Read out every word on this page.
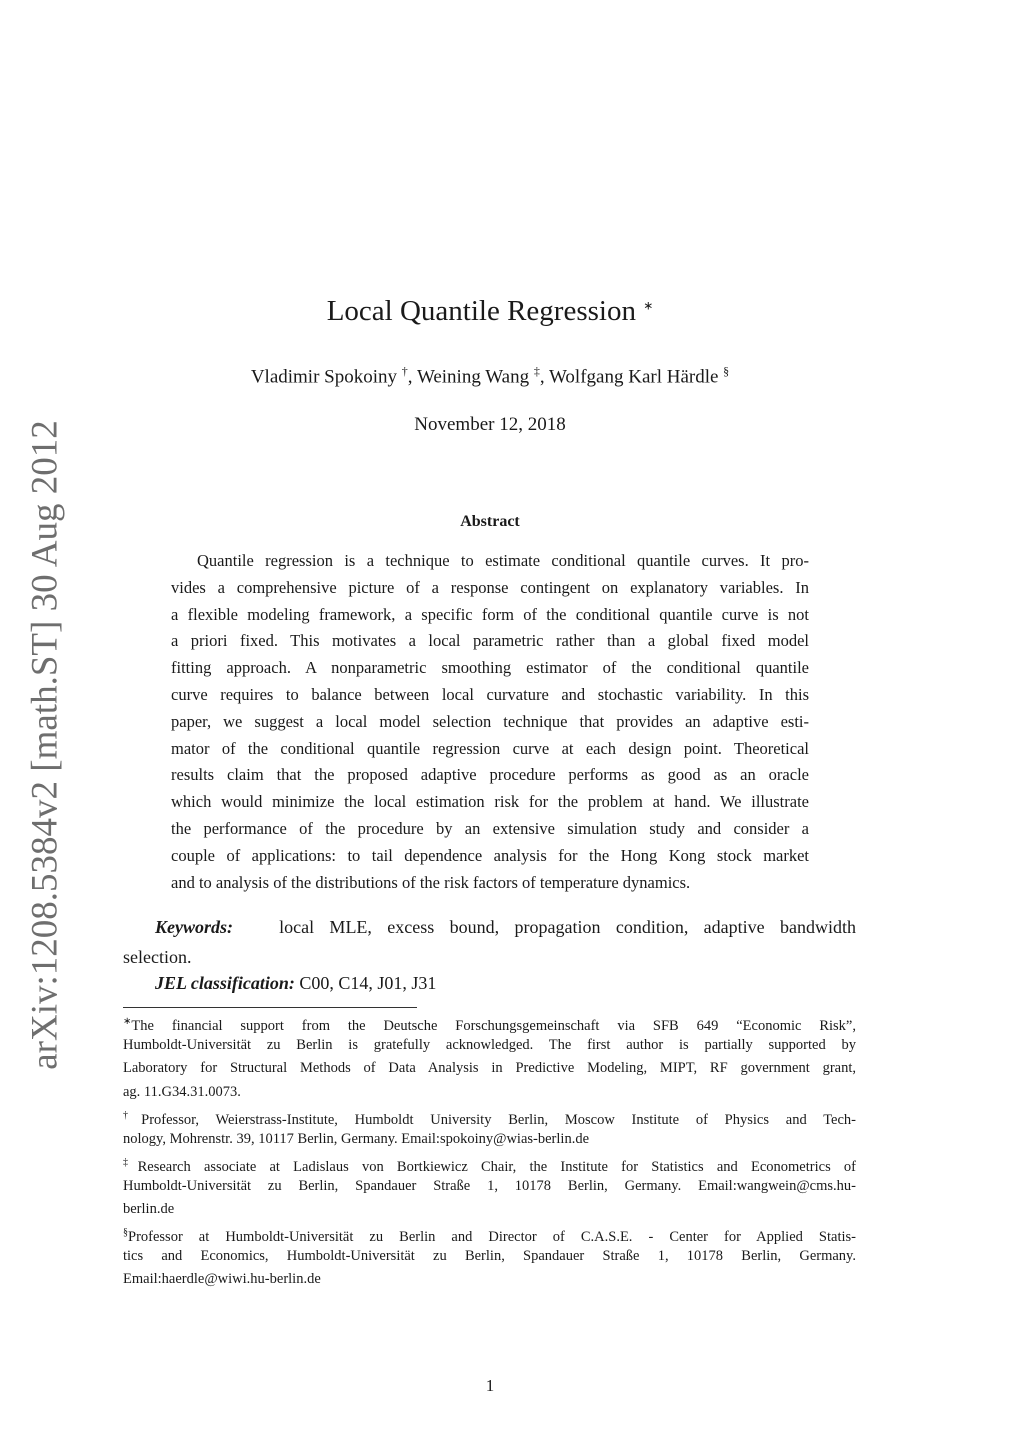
arXiv:1208.5384v2 [math.ST] 30 Aug 2012
Local Quantile Regression ∗
Vladimir Spokoiny †, Weining Wang ‡, Wolfgang Karl Härdle §
November 12, 2018
Abstract
Quantile regression is a technique to estimate conditional quantile curves. It pro-
vides a comprehensive picture of a response contingent on explanatory variables. In
a flexible modeling framework, a specific form of the conditional quantile curve is not
a priori fixed. This motivates a local parametric rather than a global fixed model
fitting approach. A nonparametric smoothing estimator of the conditional quantile
curve requires to balance between local curvature and stochastic variability. In this
paper, we suggest a local model selection technique that provides an adaptive esti-
mator of the conditional quantile regression curve at each design point. Theoretical
results claim that the proposed adaptive procedure performs as good as an oracle
which would minimize the local estimation risk for the problem at hand. We illustrate
the performance of the procedure by an extensive simulation study and consider a
couple of applications: to tail dependence analysis for the Hong Kong stock market
and to analysis of the distributions of the risk factors of temperature dynamics.
Keywords:	local MLE, excess bound, propagation condition, adaptive bandwidth
selection.
JEL classification: C00, C14, J01, J31
∗The financial support from the Deutsche Forschungsgemeinschaft via SFB 649 “Economic Risk”,
Humboldt-Universität zu Berlin is gratefully acknowledged. The first author is partially supported by
Laboratory for Structural Methods of Data Analysis in Predictive Modeling, MIPT, RF government grant,
ag. 11.G34.31.0073.
†Professor, Weierstrass-Institute, Humboldt University Berlin, Moscow Institute of Physics and Tech-
nology, Mohrenstr. 39, 10117 Berlin, Germany. Email:spokoiny@wias-berlin.de
‡Research associate at Ladislaus von Bortkiewicz Chair, the Institute for Statistics and Econometrics of
Humboldt-Universität zu Berlin, Spandauer Straße 1, 10178 Berlin, Germany. Email:wangwein@cms.hu-
berlin.de
§Professor at Humboldt-Universität zu Berlin and Director of C.A.S.E. - Center for Applied Statis-
tics and Economics, Humboldt-Universität zu Berlin, Spandauer Straße 1, 10178 Berlin, Germany.
Email:haerdle@wiwi.hu-berlin.de
1
